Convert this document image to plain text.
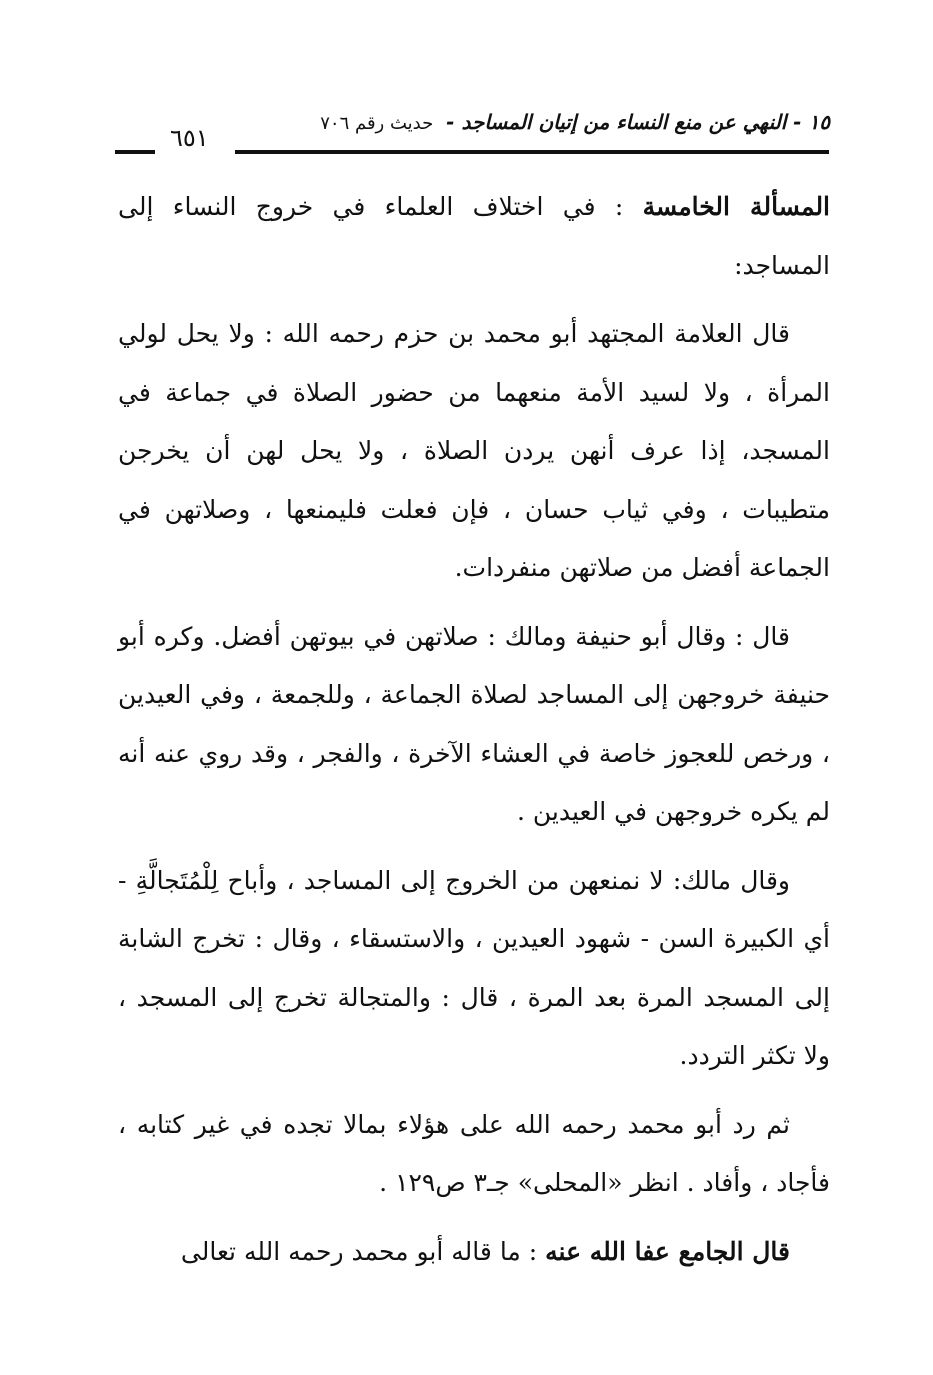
١٥ - النهي عن منع النساء من إتيان المساجد - حديث رقم ٧٠٦
٦٥١

المسألة الخامسة : في اختلاف العلماء في خروج النساء إلى المساجد:

قال العلامة المجتهد أبو محمد بن حزم رحمه الله : ولا يحل لولي المرأة ، ولا لسيد الأمة منعهما من حضور الصلاة في جماعة في المسجد، إذا عرف أنهن يردن الصلاة ، ولا يحل لهن أن يخرجن متطيبات ، وفي ثياب حسان ، فإن فعلت فليمنعها ، وصلاتهن في الجماعة أفضل من صلاتهن منفردات.

قال : وقال أبو حنيفة ومالك : صلاتهن في بيوتهن أفضل. وكره أبو حنيفة خروجهن إلى المساجد لصلاة الجماعة ، وللجمعة ، وفي العيدين ، ورخص للعجوز خاصة في العشاء الآخرة ، والفجر ، وقد روي عنه أنه لم يكره خروجهن في العيدين .

وقال مالك: لا نمنعهن من الخروج إلى المساجد ، وأباح لِلْمُتَجالَّةِ - أي الكبيرة السن - شهود العيدين ، والاستسقاء ، وقال : تخرج الشابة إلى المسجد المرة بعد المرة ، قال : والمتجالة تخرج إلى المسجد ، ولا تكثر التردد.

ثم رد أبو محمد رحمه الله على هؤلاء بمالا تجده في غير كتابه ، فأجاد ، وأفاد . انظر «المحلى» جـ٣ ص١٢٩ .

قال الجامع عفا الله عنه : ما قاله أبو محمد رحمه الله تعالى
